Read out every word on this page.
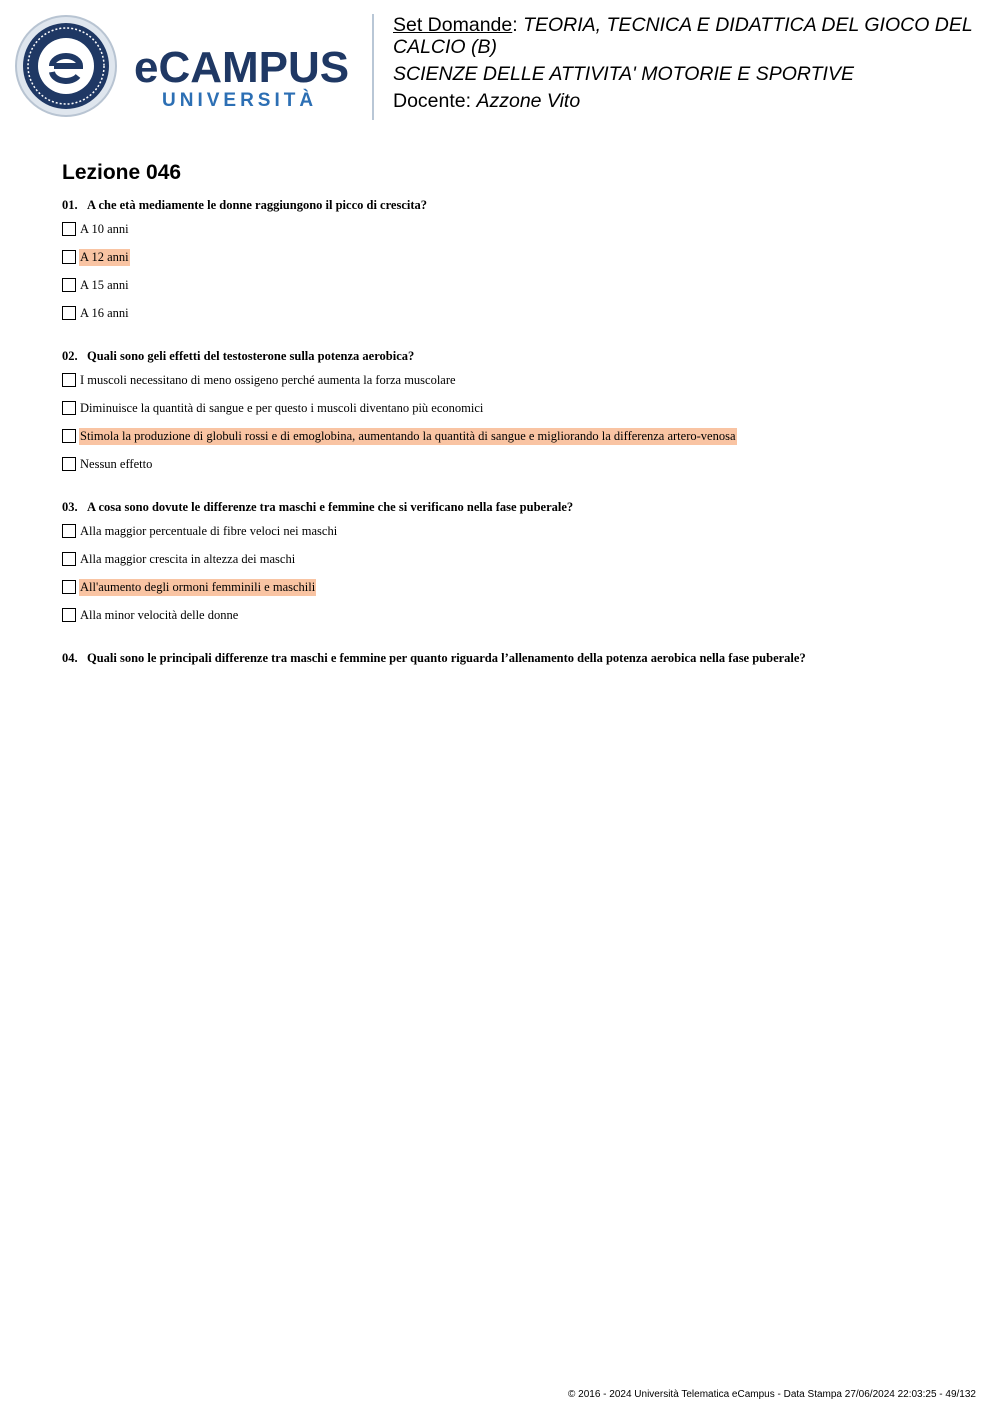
eCAMPUS
UNIVERSITÀ
Set Domande: TEORIA, TECNICA E DIDATTICA DEL GIOCO DEL
CALCIO (B)
SCIENZE DELLE ATTIVITA' MOTORIE E SPORTIVE
Docente: Azzone Vito
Lezione 046
01. A che età mediamente le donne raggiungono il picco di crescita?
A 10 anni
A 12 anni
A 15 anni
A 16 anni
02. Quali sono geli effetti del testosterone sulla potenza aerobica?
I muscoli necessitano di meno ossigeno perché aumenta la forza muscolare
Diminuisce la quantità di sangue e per questo i muscoli diventano più economici
Stimola la produzione di globuli rossi e di emoglobina, aumentando la quantità di sangue e migliorando la differenza artero-venosa
Nessun effetto
03. A cosa sono dovute le differenze tra maschi e femmine che si verificano nella fase puberale?
Alla maggior percentuale di fibre veloci nei maschi
Alla maggior crescita in altezza dei maschi
All'aumento degli ormoni femminili e maschili
Alla minor velocità delle donne
04. Quali sono le principali differenze tra maschi e femmine per quanto riguarda l’allenamento della potenza aerobica nella fase puberale?
© 2016 - 2024 Università Telematica eCampus - Data Stampa 27/06/2024 22:03:25 - 49/132
